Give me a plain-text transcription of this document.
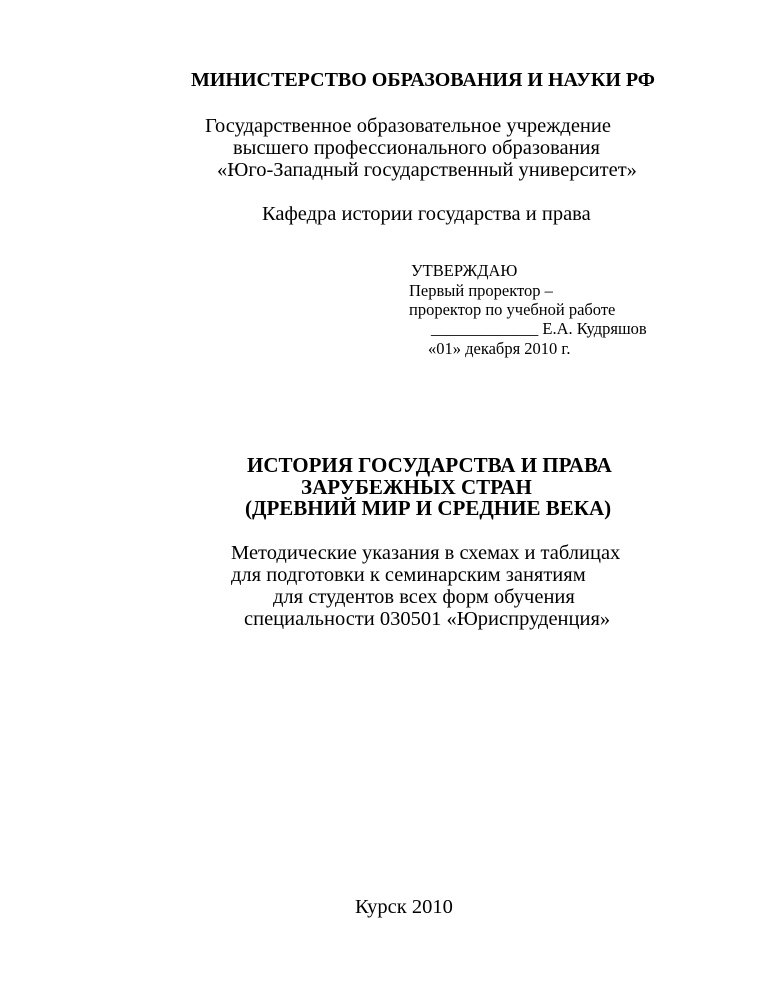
МИНИСТЕРСТВО ОБРАЗОВАНИЯ И НАУКИ РФ
Государственное образовательное учреждение
высшего профессионального образования
«Юго-Западный государственный университет»
Кафедра истории государства и права
УТВЕРЖДАЮ
Первый проректор –
проректор по учебной работе
_____________ Е.А. Кудряшов
«01» декабря 2010 г.
ИСТОРИЯ ГОСУДАРСТВА И ПРАВА
ЗАРУБЕЖНЫХ СТРАН
(ДРЕВНИЙ МИР И СРЕДНИЕ ВЕКА)
Методические указания в схемах и таблицах
для подготовки к семинарским занятиям
для студентов всех форм обучения
специальности 030501 «Юриспруденция»
Курск 2010
